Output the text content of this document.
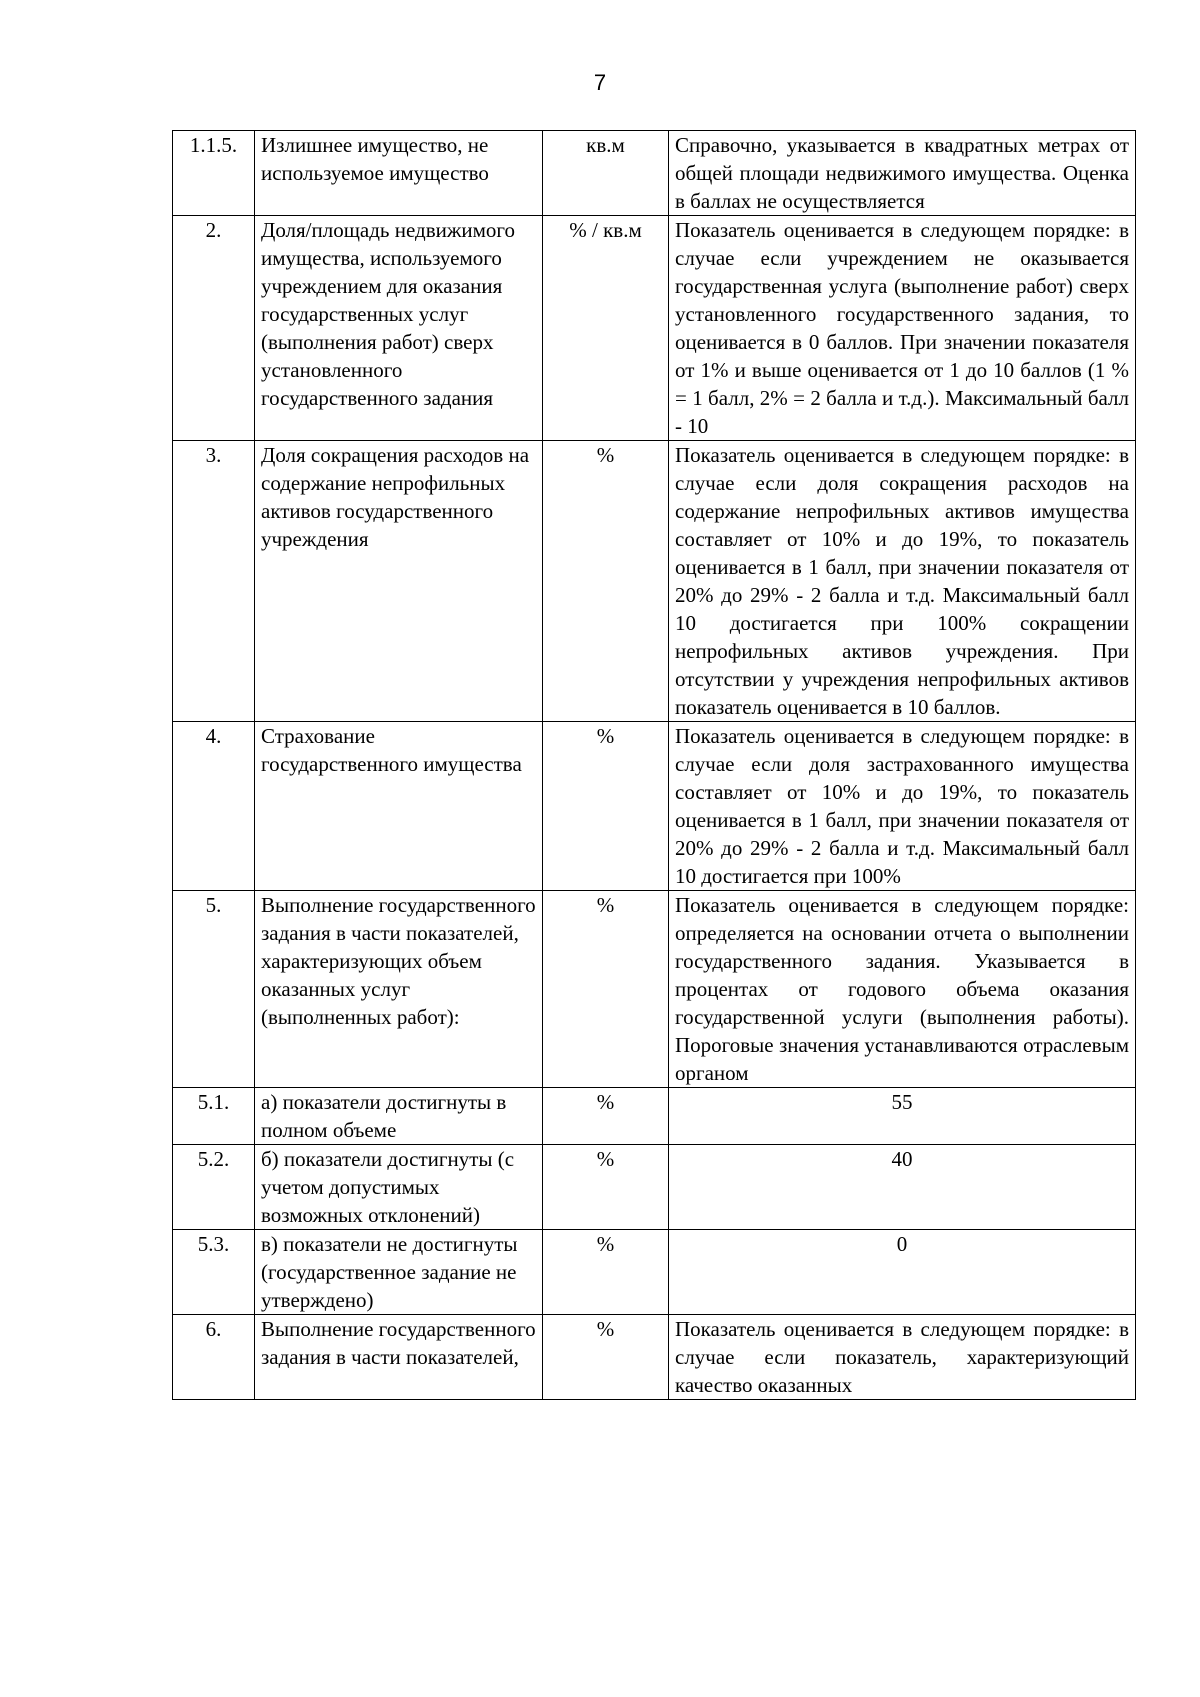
7
1.1.5.	Излишнее имущество, не используемое имущество	кв.м	Справочно, указывается в квадратных метрах от общей площади недвижимого имущества. Оценка в баллах не осуществляется
2.	Доля/площадь недвижимого имущества, используемого учреждением для оказания государственных услуг (выполнения работ) сверх установленного государственного задания	% / кв.м	Показатель оценивается в следующем порядке: в случае если учреждением не оказывается государственная услуга (выполнение работ) сверх установленного государственного задания, то оценивается в 0 баллов. При значении показателя от 1% и выше оценивается от 1 до 10 баллов (1 % = 1 балл, 2% = 2 балла и т.д.). Максимальный балл - 10
3.	Доля сокращения расходов на содержание непрофильных активов государственного учреждения	%	Показатель оценивается в следующем порядке: в случае если доля сокращения расходов на содержание непрофильных активов имущества составляет от 10% и до 19%, то показатель оценивается в 1 балл, при значении показателя от 20% до 29% - 2 балла и т.д. Максимальный балл 10 достигается при 100% сокращении непрофильных активов учреждения. При отсутствии у учреждения непрофильных активов показатель оценивается в 10 баллов.
4.	Страхование государственного имущества	%	Показатель оценивается в следующем порядке: в случае если доля застрахованного имущества составляет от 10% и до 19%, то показатель оценивается в 1 балл, при значении показателя от 20% до 29% - 2 балла и т.д. Максимальный балл 10 достигается при 100%
5.	Выполнение государственного задания в части показателей, характеризующих объем оказанных услуг (выполненных работ):	%	Показатель оценивается в следующем порядке: определяется на основании отчета о выполнении государственного задания. Указывается в процентах от годового объема оказания государственной услуги (выполнения работы). Пороговые значения устанавливаются отраслевым органом
5.1.	а) показатели достигнуты в полном объеме	%	55
5.2.	б) показатели достигнуты (с учетом допустимых возможных отклонений)	%	40
5.3.	в) показатели не достигнуты (государственное задание не утверждено)	%	0
6.	Выполнение государственного задания в части показателей,	%	Показатель оценивается в следующем порядке: в случае если показатель, характеризующий качество оказанных
